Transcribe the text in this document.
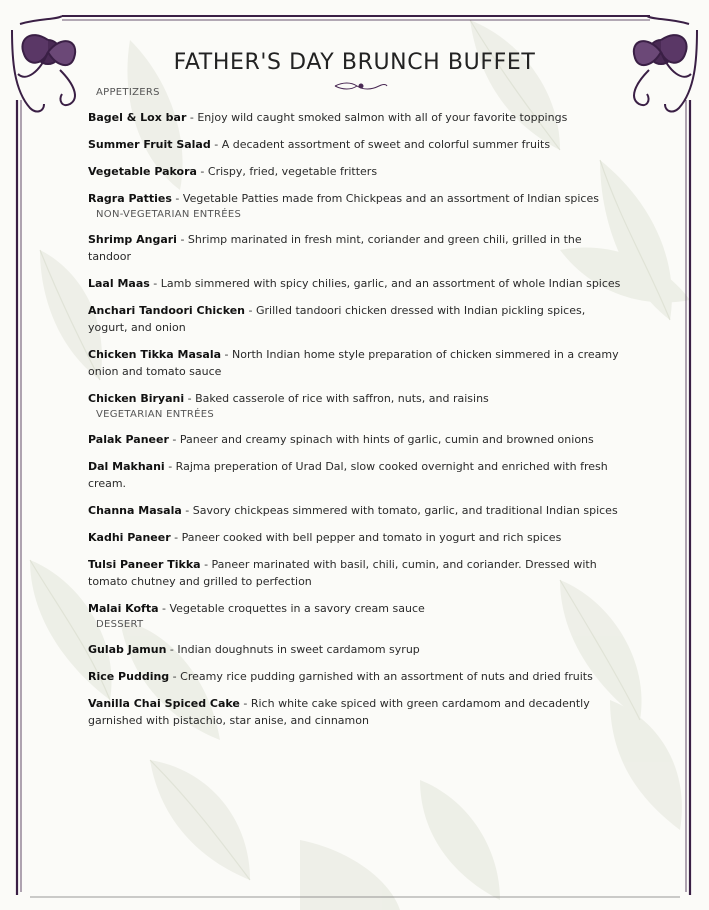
FATHER'S DAY BRUNCH BUFFET
APPETIZERS
Bagel & Lox bar - Enjoy wild caught smoked salmon with all of your favorite toppings
Summer Fruit Salad - A decadent assortment of sweet and colorful summer fruits
Vegetable Pakora - Crispy, fried, vegetable fritters
Ragra Patties - Vegetable Patties made from Chickpeas and an assortment of Indian spices
NON-VEGETARIAN ENTRÉES
Shrimp Angari - Shrimp marinated in fresh mint, coriander and green chili, grilled in the tandoor
Laal Maas - Lamb simmered with spicy chilies, garlic, and an assortment of whole Indian spices
Anchari Tandoori Chicken - Grilled tandoori chicken dressed with Indian pickling spices, yogurt, and onion
Chicken Tikka Masala - North Indian home style preparation of chicken simmered in a creamy onion and tomato sauce
Chicken Biryani - Baked casserole of rice with saffron, nuts, and raisins
VEGETARIAN ENTRÉES
Palak Paneer - Paneer and creamy spinach with hints of garlic, cumin and browned onions
Dal Makhani - Rajma preperation of Urad Dal, slow cooked overnight and enriched with fresh cream.
Channa Masala - Savory chickpeas simmered with tomato, garlic, and traditional Indian spices
Kadhi Paneer - Paneer cooked with bell pepper and tomato in yogurt and rich spices
Tulsi Paneer Tikka - Paneer marinated with basil, chili, cumin, and coriander. Dressed with tomato chutney and grilled to perfection
Malai Kofta - Vegetable croquettes in a savory cream sauce
DESSERT
Gulab Jamun - Indian doughnuts in sweet cardamom syrup
Rice Pudding - Creamy rice pudding garnished with an assortment of nuts and dried fruits
Vanilla Chai Spiced Cake - Rich white cake spiced with green cardamom and decadently garnished with pistachio, star anise, and cinnamon
